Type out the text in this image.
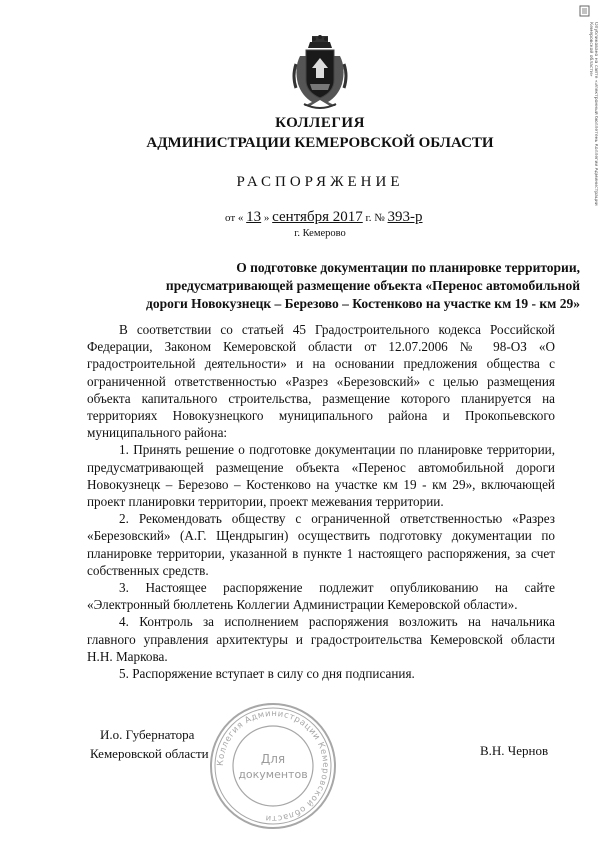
КОЛЛЕГИЯ
АДМИНИСТРАЦИИ КЕМЕРОВСКОЙ ОБЛАСТИ
РАСПОРЯЖЕНИЕ
от « 13 » сентября 2017 г. № 393-р
г. Кемерово
О подготовке документации по планировке территории,
предусматривающей размещение объекта «Перенос автомобильной
дороги Новокузнецк – Березово – Костенково на участке км 19 - км 29»

В соответствии со статьей 45 Градостроительного кодекса Российской Федерации, Законом Кемеровской области от 12.07.2006 № 98-ОЗ «О градостроительной деятельности» и на основании предложения общества с ограниченной ответственностью «Разрез «Березовский» с целью размещения объекта капитального строительства, размещение которого планируется на территориях Новокузнецкого муниципального района и Прокопьевского муниципального района:

1. Принять решение о подготовке документации по планировке территории, предусматривающей размещение объекта «Перенос автомобильной дороги Новокузнецк – Березово – Костенково на участке км 19 - км 29», включающей проект планировки территории, проект межевания территории.

2. Рекомендовать обществу с ограниченной ответственностью «Разрез «Березовский» (А.Г. Щендрыгин) осуществить подготовку документации по планировке территории, указанной в пункте 1 настоящего распоряжения, за счет собственных средств.

3. Настоящее распоряжение подлежит опубликованию на сайте «Электронный бюллетень Коллегии Администрации Кемеровской области».

4. Контроль за исполнением распоряжения возложить на начальника главного управления архитектуры и градостроительства Кемеровской области Н.Н. Маркова.

5. Распоряжение вступает в силу со дня подписания.

И.о. Губернатора
Кемеровской области	В.Н. Чернов
Коллегия Администрации Кемеровской области
Для
документов
Опубликовано на сайте «Электронный бюллетень Коллегии Администрации Кемеровской области»
